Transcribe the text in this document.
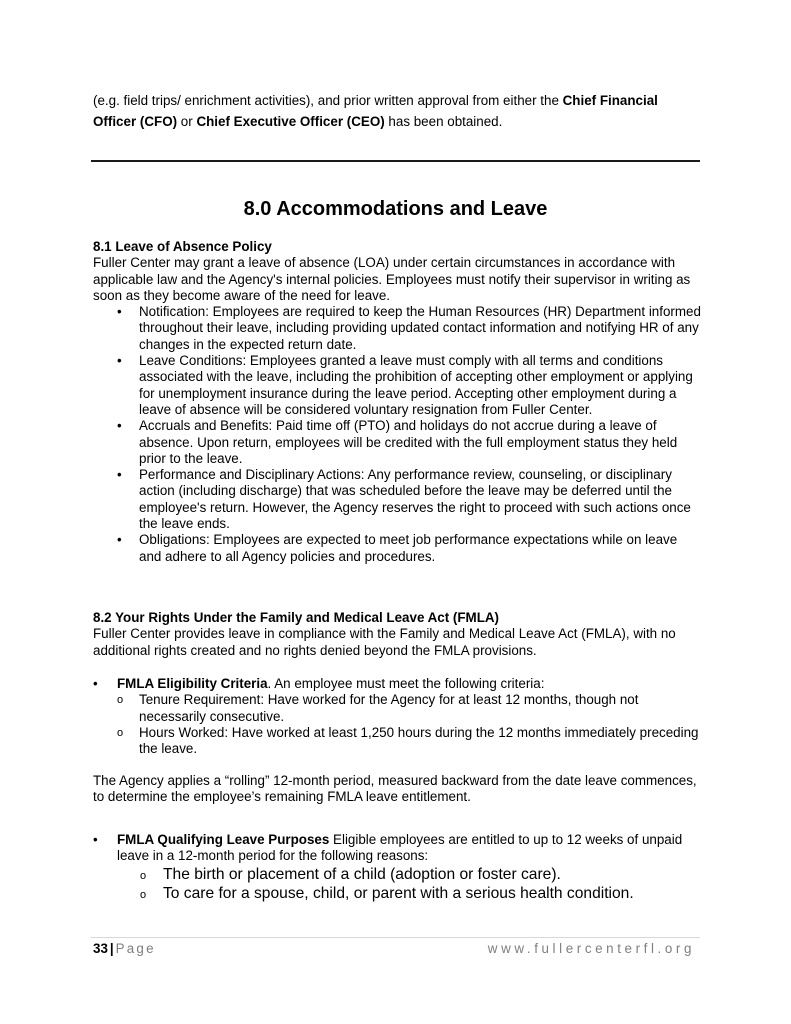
(e.g. field trips/ enrichment activities), and prior written approval from either the Chief Financial Officer (CFO) or Chief Executive Officer (CEO) has been obtained.
8.0 Accommodations and Leave
8.1 Leave of Absence Policy

Fuller Center may grant a leave of absence (LOA) under certain circumstances in accordance with applicable law and the Agency's internal policies. Employees must notify their supervisor in writing as soon as they become aware of the need for leave.

• Notification: Employees are required to keep the Human Resources (HR) Department informed throughout their leave, including providing updated contact information and notifying HR of any changes in the expected return date.
• Leave Conditions: Employees granted a leave must comply with all terms and conditions associated with the leave, including the prohibition of accepting other employment or applying for unemployment insurance during the leave period. Accepting other employment during a leave of absence will be considered voluntary resignation from Fuller Center.
• Accruals and Benefits: Paid time off (PTO) and holidays do not accrue during a leave of absence. Upon return, employees will be credited with the full employment status they held prior to the leave.
• Performance and Disciplinary Actions: Any performance review, counseling, or disciplinary action (including discharge) that was scheduled before the leave may be deferred until the employee's return. However, the Agency reserves the right to proceed with such actions once the leave ends.
• Obligations: Employees are expected to meet job performance expectations while on leave and adhere to all Agency policies and procedures.
8.2 Your Rights Under the Family and Medical Leave Act (FMLA)

Fuller Center provides leave in compliance with the Family and Medical Leave Act (FMLA), with no additional rights created and no rights denied beyond the FMLA provisions.

• FMLA Eligibility Criteria. An employee must meet the following criteria:
o Tenure Requirement: Have worked for the Agency for at least 12 months, though not necessarily consecutive.
o Hours Worked: Have worked at least 1,250 hours during the 12 months immediately preceding the leave.

The Agency applies a “rolling” 12-month period, measured backward from the date leave commences, to determine the employee’s remaining FMLA leave entitlement.

• FMLA Qualifying Leave Purposes Eligible employees are entitled to up to 12 weeks of unpaid leave in a 12-month period for the following reasons:
o The birth or placement of a child (adoption or foster care).
o To care for a spouse, child, or parent with a serious health condition.
33 | Page	www.fullercenterfl.org
